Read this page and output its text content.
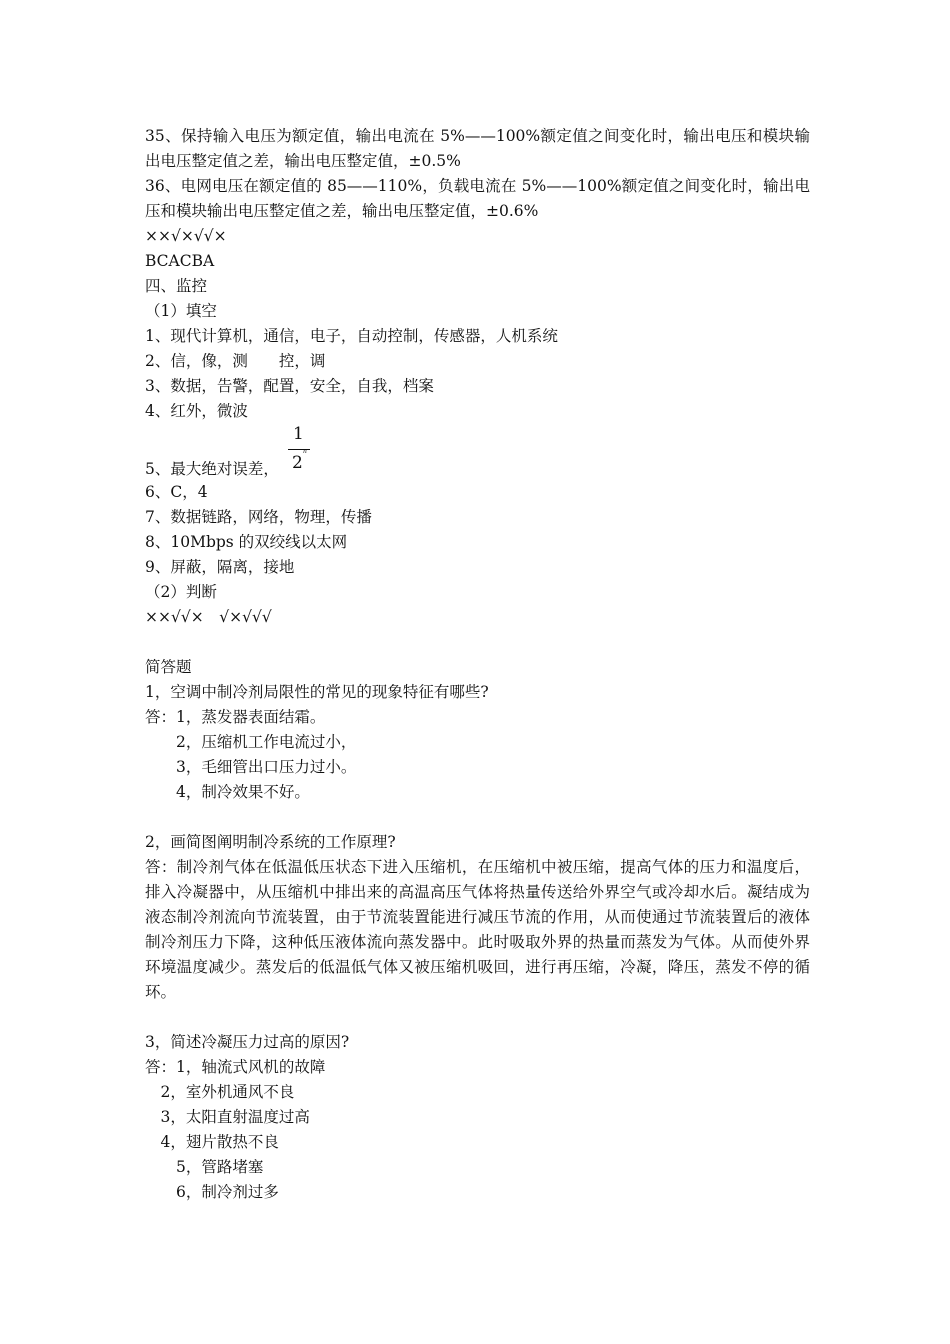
35、保持输入电压为额定值，输出电流在 5%——100%额定值之间变化时，输出电压和模块输出电压整定值之差，输出电压整定值，±0.5%
36、电网电压在额定值的 85——110%，负载电流在 5%——100%额定值之间变化时，输出电压和模块输出电压整定值之差，输出电压整定值，±0.6%
××√×√√×
BCACBA
四、监控
（1）填空
1、现代计算机，通信，电子，自动控制，传感器，人机系统
2、信，像，测　　控，调
3、数据，告警，配置，安全，自我，档案
4、红外，微波
5、最大绝对误差，
1
2
n
6、C，4
7、数据链路，网络，物理，传播
8、10Mbps 的双绞线以太网
9、屏蔽，隔离，接地
（2）判断
××√√×　√×√√√
简答题
1，空调中制冷剂局限性的常见的现象特征有哪些?
答：1，蒸发器表面结霜。
　　2，压缩机工作电流过小，
　　3，毛细管出口压力过小。
　　4，制冷效果不好。
2，画简图阐明制冷系统的工作原理?
答：制冷剂气体在低温低压状态下进入压缩机，在压缩机中被压缩，提高气体的压力和温度后，排入冷凝器中，从压缩机中排出来的高温高压气体将热量传送给外界空气或冷却水后。凝结成为液态制冷剂流向节流装置，由于节流装置能进行减压节流的作用，从而使通过节流装置后的液体制冷剂压力下降，这种低压液体流向蒸发器中。此时吸取外界的热量而蒸发为气体。从而使外界环境温度减少。蒸发后的低温低气体又被压缩机吸回，进行再压缩，冷凝，降压，蒸发不停的循环。
3，简述冷凝压力过高的原因?
答：1，轴流式风机的故障
　2，室外机通风不良
　3，太阳直射温度过高
　4，翅片散热不良
　　5，管路堵塞
　　6，制冷剂过多
